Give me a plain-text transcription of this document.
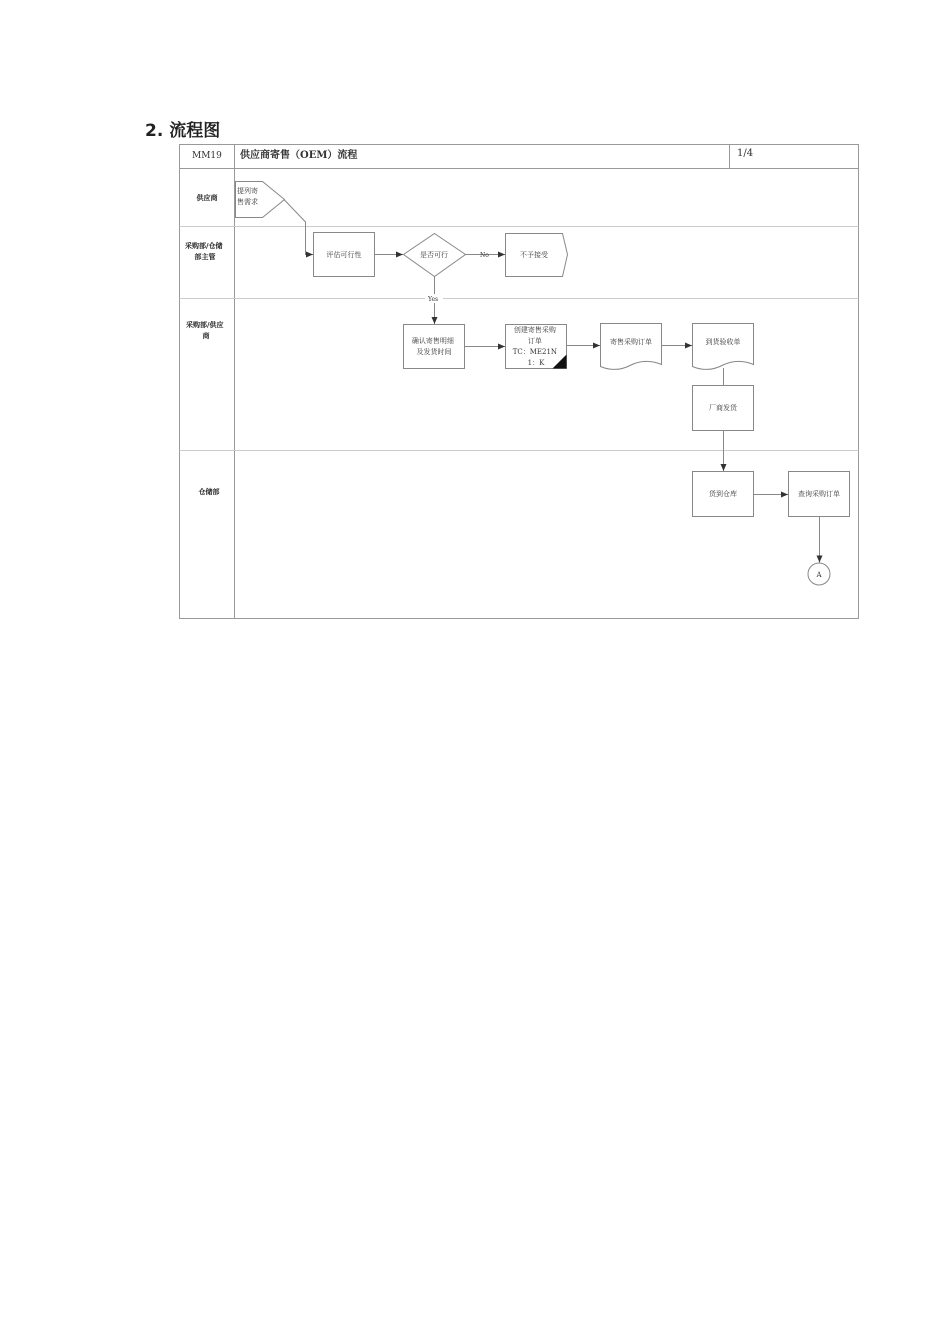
2. 流程图
MM19 供应商寄售（OEM）流程	1/4
供应商
采购部/仓储 部主管
采购部/供应 商
仓储部
提列寄 售需求
评估可行性	是否可行	不予接受
确认寄售明细 及发货时间
创建寄售采购 订单 TC：ME21N 1：K
寄售采购订单	到货验收单
厂商发货
货到仓库	查询采购订单
A
No
Yes
